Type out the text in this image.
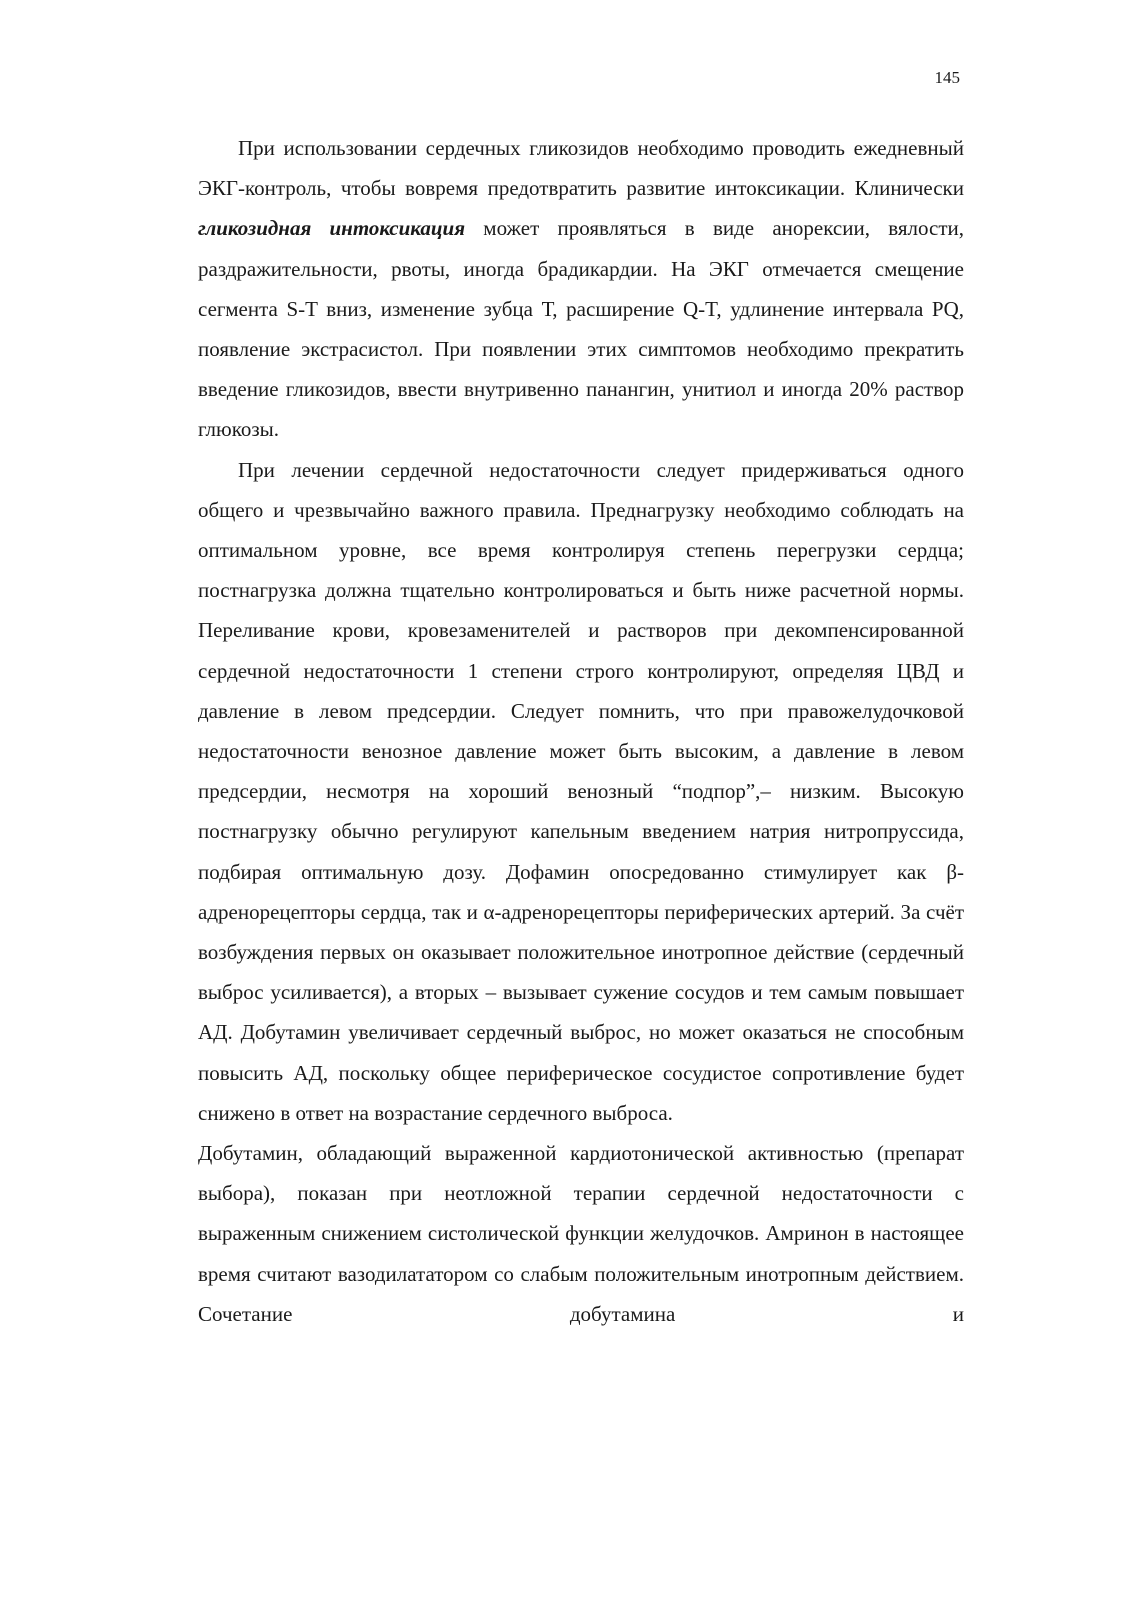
145

При использовании сердечных гликозидов необходимо проводить ежедневный ЭКГ-контроль, чтобы вовремя предотвратить развитие интоксикации. Клинически гликозидная интоксикация может проявляться в виде анорексии, вялости, раздражительности, рвоты, иногда брадикардии. На ЭКГ отмечается смещение сегмента S-T вниз, изменение зубца Т, расширение Q-T, удлинение интервала PQ, появление экстрасистол. При появлении этих симптомов необходимо прекратить введение гликозидов, ввести внутривенно панангин, унитиол и иногда 20% раствор глюкозы.

При лечении сердечной недостаточности следует придерживаться одного общего и чрезвычайно важного правила. Преднагрузку необходимо соблюдать на оптимальном уровне, все время контролируя степень перегрузки сердца; постнагрузка должна тщательно контролироваться и быть ниже расчетной нормы. Переливание крови, кровезаменителей и растворов при декомпенсированной сердечной недостаточности 1 степени строго контролируют, определяя ЦВД и давление в левом предсердии. Следует помнить, что при правожелудочковой недостаточности венозное давление может быть высоким, а давление в левом предсердии, несмотря на хороший венозный “подпор”,– низким. Высокую постнагрузку обычно регулируют капельным введением натрия нитропруссида, подбирая оптимальную дозу. Дофамин опосредованно стимулирует как β-адренорецепторы сердца, так и α-адренорецепторы периферических артерий. За счёт возбуждения первых он оказывает положительное инотропное действие (сердечный выброс усиливается), а вторых – вызывает сужение сосудов и тем самым повышает АД. Добутамин увеличивает сердечный выброс, но может оказаться не способным повысить АД, поскольку общее периферическое сосудистое сопротивление будет снижено в ответ на возрастание сердечного выброса.

Добутамин, обладающий выраженной кардиотонической активностью (препарат выбора), показан при неотложной терапии сердечной недостаточности с выраженным снижением систолической функции желудочков. Амринон в настоящее время считают вазодилататором со слабым положительным инотропным действием. Сочетание добутамина и
